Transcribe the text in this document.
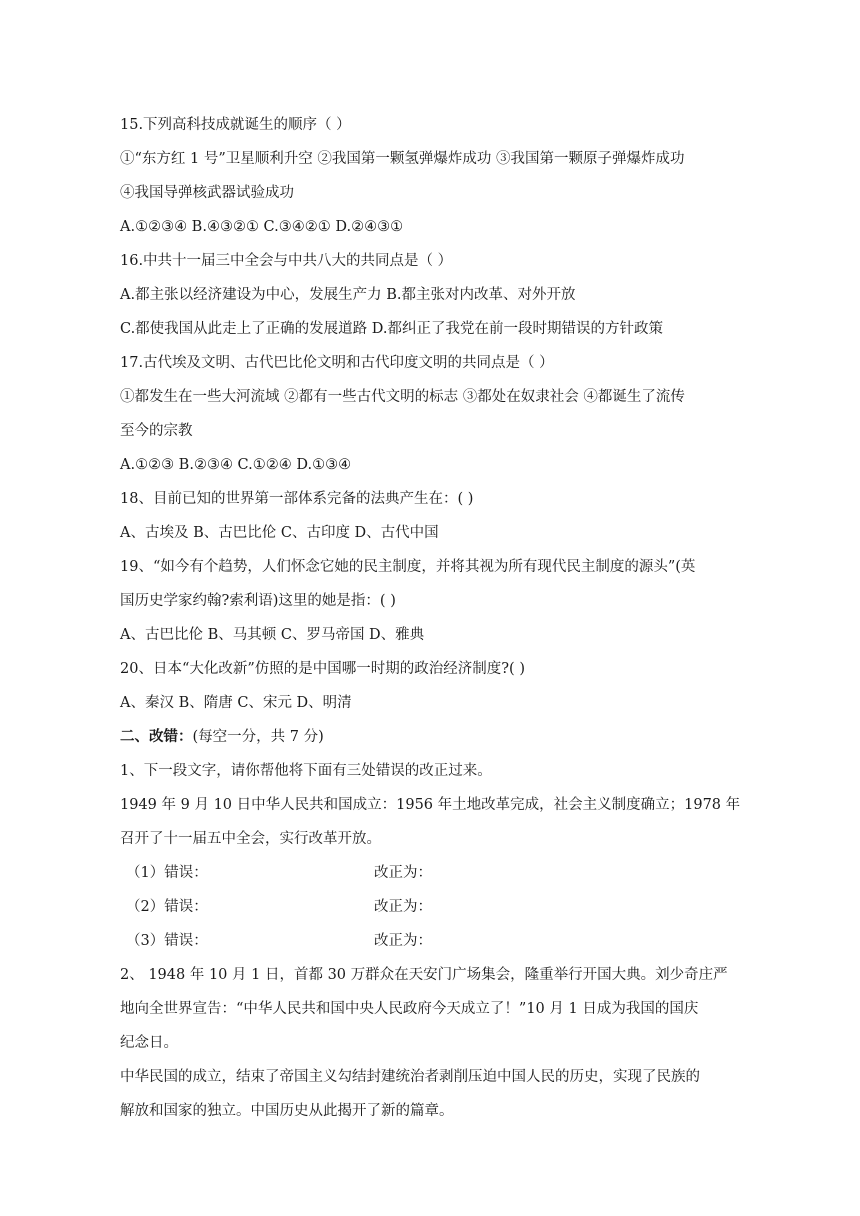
15.下列高科技成就诞生的顺序（ ）
①“东方红 1 号”卫星顺利升空 ②我国第一颗氢弹爆炸成功 ③我国第一颗原子弹爆炸成功
④我国导弹核武器试验成功
A.①②③④ B.④③②① C.③④②① D.②④③①
16.中共十一届三中全会与中共八大的共同点是（ ）
A.都主张以经济建设为中心，发展生产力 B.都主张对内改革、对外开放
C.都使我国从此走上了正确的发展道路 D.都纠正了我党在前一段时期错误的方针政策
17.古代埃及文明、古代巴比伦文明和古代印度文明的共同点是（ ）
①都发生在一些大河流域 ②都有一些古代文明的标志 ③都处在奴隶社会 ④都诞生了流传
至今的宗教
A.①②③ B.②③④ C.①②④ D.①③④
18、目前已知的世界第一部体系完备的法典产生在：( )
A、古埃及 B、古巴比伦 C、古印度 D、古代中国
19、“如今有个趋势，人们怀念它她的民主制度，并将其视为所有现代民主制度的源头”(英
国历史学家约翰?索利语)这里的她是指：( )
A、古巴比伦 B、马其顿 C、罗马帝国 D、雅典
20、日本“大化改新”仿照的是中国哪一时期的政治经济制度?( )
A、秦汉 B、隋唐 C、宋元 D、明清
二、改错：(每空一分，共 7 分)
1、下一段文字，请你帮他将下面有三处错误的改正过来。
1949 年 9 月 10 日中华人民共和国成立：1956 年土地改革完成，社会主义制度确立；1978 年
召开了十一届五中全会，实行改革开放。
（1）错误：	改正为：
（2）错误：	改正为：
（3）错误：	改正为：
2、 1948 年 10 月 1 日，首都 30 万群众在天安门广场集会，隆重举行开国大典。刘少奇庄严
地向全世界宣告：“中华人民共和国中央人民政府今天成立了！”10 月 1 日成为我国的国庆
纪念日。
中华民国的成立，结束了帝国主义勾结封建统治者剥削压迫中国人民的历史，实现了民族的
解放和国家的独立。中国历史从此揭开了新的篇章。
